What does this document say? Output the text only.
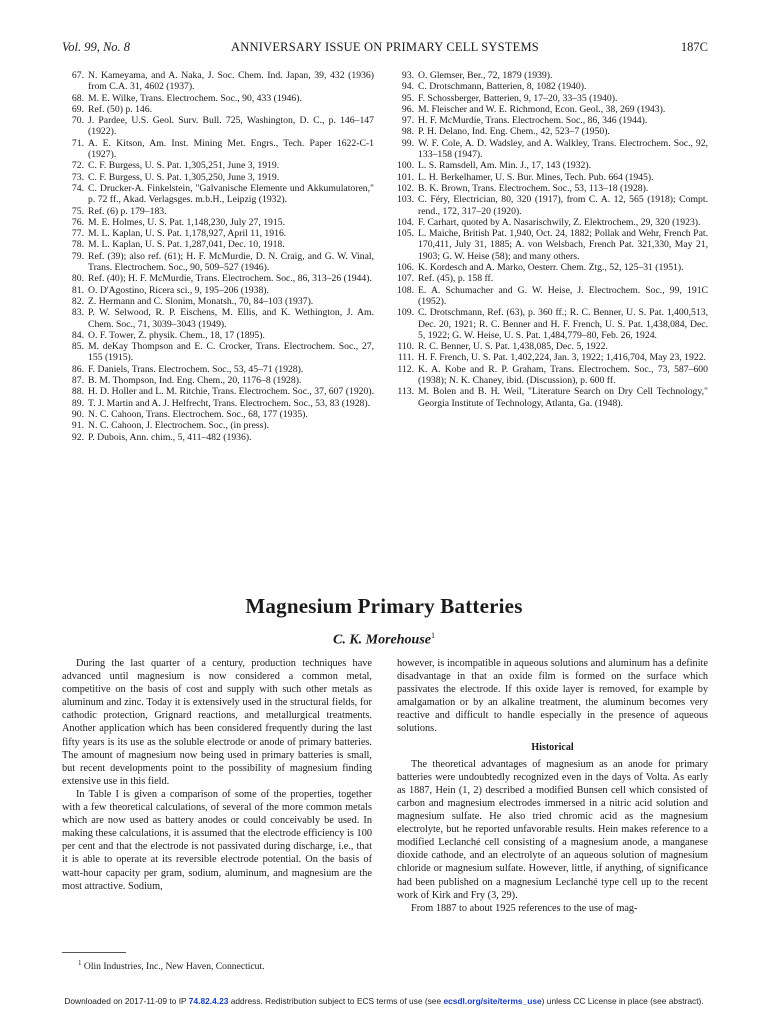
Vol. 99, No. 8	ANNIVERSARY ISSUE ON PRIMARY CELL SYSTEMS	187C

67. N. Kameyama, and A. Naka, J. Soc. Chem. Ind. Japan, 39, 432 (1936) from C.A. 31, 4602 (1937).

68. M. E. Wilke, Trans. Electrochem. Soc., 90, 433 (1946).

69. Ref. (50) p. 146.

70. J. Pardee, U.S. Geol. Surv. Bull. 725, Washington, D. C., p. 146–147 (1922).

71. A. E. Kitson, Am. Inst. Mining Met. Engrs., Tech. Paper 1622-C-1 (1927).

72. C. F. Burgess, U. S. Pat. 1,305,251, June 3, 1919.

73. C. F. Burgess, U. S. Pat. 1,305,250, June 3, 1919.

74. C. Drucker-A. Finkelstein, "Galvanische Elemente und Akkumulatoren," p. 72 ff., Akad. Verlagsges. m.b.H., Leipzig (1932).

75. Ref. (6) p. 179–183.

76. M. E. Holmes, U. S. Pat. 1,148,230, July 27, 1915.

77. M. L. Kaplan, U. S. Pat. 1,178,927, April 11, 1916.

78. M. L. Kaplan, U. S. Pat. 1,287,041, Dec. 10, 1918.

79. Ref. (39); also ref. (61); H. F. McMurdie, D. N. Craig, and G. W. Vinal, Trans. Electrochem. Soc., 90, 509–527 (1946).

80. Ref. (40); H. F. McMurdie, Trans. Electrochem. Soc., 86, 313–26 (1944).

81. O. D'Agostino, Ricera sci., 9, 195–206 (1938).

82. Z. Hermann and C. Slonim, Monatsh., 70, 84–103 (1937).

83. P. W. Selwood, R. P. Eischens, M. Ellis, and K. Wethington, J. Am. Chem. Soc., 71, 3039–3043 (1949).

84. O. F. Tower, Z. physik. Chem., 18, 17 (1895).

85. M. deKay Thompson and E. C. Crocker, Trans. Electrochem. Soc., 27, 155 (1915).

86. F. Daniels, Trans. Electrochem. Soc., 53, 45–71 (1928).

87. B. M. Thompson, Ind. Eng. Chem., 20, 1176–8 (1928).

88. H. D. Holler and L. M. Ritchie, Trans. Electrochem. Soc., 37, 607 (1920).

89. T. J. Martin and A. J. Helfrecht, Trans. Electrochem. Soc., 53, 83 (1928).

90. N. C. Cahoon, Trans. Electrochem. Soc., 68, 177 (1935).

91. N. C. Cahoon, J. Electrochem. Soc., (in press).

92. P. Dubois, Ann. chim., 5, 411–482 (1936).

93. O. Glemser, Ber., 72, 1879 (1939).

94. C. Drotschmann, Batterien, 8, 1082 (1940).

95. F. Schossberger, Batterien, 9, 17–20, 33–35 (1940).

96. M. Fleischer and W. E. Richmond, Econ. Geol., 38, 269 (1943).

97. H. F. McMurdie, Trans. Electrochem. Soc., 86, 346 (1944).

98. P. H. Delano, Ind. Eng. Chem., 42, 523–7 (1950).

99. W. F. Cole, A. D. Wadsley, and A. Walkley, Trans. Electrochem. Soc., 92, 133–158 (1947).

100. L. S. Ramsdell, Am. Min. J., 17, 143 (1932).

101. L. H. Berkelhamer, U. S. Bur. Mines, Tech. Pub. 664 (1945).

102. B. K. Brown, Trans. Electrochem. Soc., 53, 113–18 (1928).

103. C. Féry, Electrician, 80, 320 (1917), from C. A. 12, 565 (1918); Compt. rend., 172, 317–20 (1920).

104. F. Carhart, quoted by A. Nasarischwily, Z. Elektrochem., 29, 320 (1923).

105. L. Maiche, British Pat. 1,940, Oct. 24, 1882; Pollak and Wehr, French Pat. 170,411, July 31, 1885; A. von Welsbach, French Pat. 321,330, May 21, 1903; G. W. Heise (58); and many others.

106. K. Kordesch and A. Marko, Oesterr. Chem. Ztg., 52, 125–31 (1951).

107. Ref. (45), p. 158 ff.

108. E. A. Schumacher and G. W. Heise, J. Electrochem. Soc., 99, 191C (1952).

109. C. Drotschmann, Ref. (63), p. 360 ff.; R. C. Benner, U. S. Pat. 1,400,513, Dec. 20, 1921; R. C. Benner and H. F. French, U. S. Pat. 1,438,084, Dec. 5, 1922; G. W. Heise, U. S. Pat. 1,484,779–80, Feb. 26, 1924.

110. R. C. Benner, U. S. Pat. 1,438,085, Dec. 5, 1922.

111. H. F. French, U. S. Pat. 1,402,224, Jan. 3, 1922; 1,416,704, May 23, 1922.

112. K. A. Kobe and R. P. Graham, Trans. Electrochem. Soc., 73, 587–600 (1938); N. K. Chaney, ibid. (Discussion), p. 600 ff.

113. M. Bolen and B. H. Weil, "Literature Search on Dry Cell Technology," Georgia Institute of Technology, Atlanta, Ga. (1948).

Magnesium Primary Batteries
C. K. Morehouse$^1$

During the last quarter of a century, production techniques have advanced until magnesium is now considered a common metal, competitive on the basis of cost and supply with such other metals as aluminum and zinc. Today it is extensively used in the structural fields, for cathodic protection, Grignard reactions, and metallurgical treatments. Another application which has been considered frequently during the last fifty years is its use as the soluble electrode or anode of primary batteries. The amount of magnesium now being used in primary batteries is small, but recent developments point to the possibility of magnesium finding extensive use in this field.

In Table I is given a comparison of some of the properties, together with a few theoretical calculations, of several of the more common metals which are now used as battery anodes or could conceivably be used. In making these calculations, it is assumed that the electrode efficiency is 100 per cent and that the electrode is not passivated during discharge, i.e., that it is able to operate at its reversible electrode potential. On the basis of watt-hour capacity per gram, sodium, aluminum, and magnesium are the most attractive. Sodium,

however, is incompatible in aqueous solutions and aluminum has a definite disadvantage in that an oxide film is formed on the surface which passivates the electrode. If this oxide layer is removed, for example by amalgamation or by an alkaline treatment, the aluminum becomes very reactive and difficult to handle especially in the presence of aqueous solutions.

Historical

The theoretical advantages of magnesium as an anode for primary batteries were undoubtedly recognized even in the days of Volta. As early as 1887, Hein (1, 2) described a modified Bunsen cell which consisted of carbon and magnesium electrodes immersed in a nitric acid solution and magnesium sulfate. He also tried chromic acid as the magnesium electrolyte, but he reported unfavorable results. Hein makes reference to a modified Leclanché cell consisting of a magnesium anode, a manganese dioxide cathode, and an electrolyte of an aqueous solution of magnesium chloride or magnesium sulfate. However, little, if anything, of significance had been published on a magnesium Leclanché type cell up to the recent work of Kirk and Fry (3, 29).

From 1887 to about 1925 references to the use of mag-

$^1$ Olin Industries, Inc., New Haven, Connecticut.
Downloaded on 2017-11-09 to IP 74.82.4.23 address. Redistribution subject to ECS terms of use (see ecsdl.org/site/terms_use) unless CC License in place (see abstract).
